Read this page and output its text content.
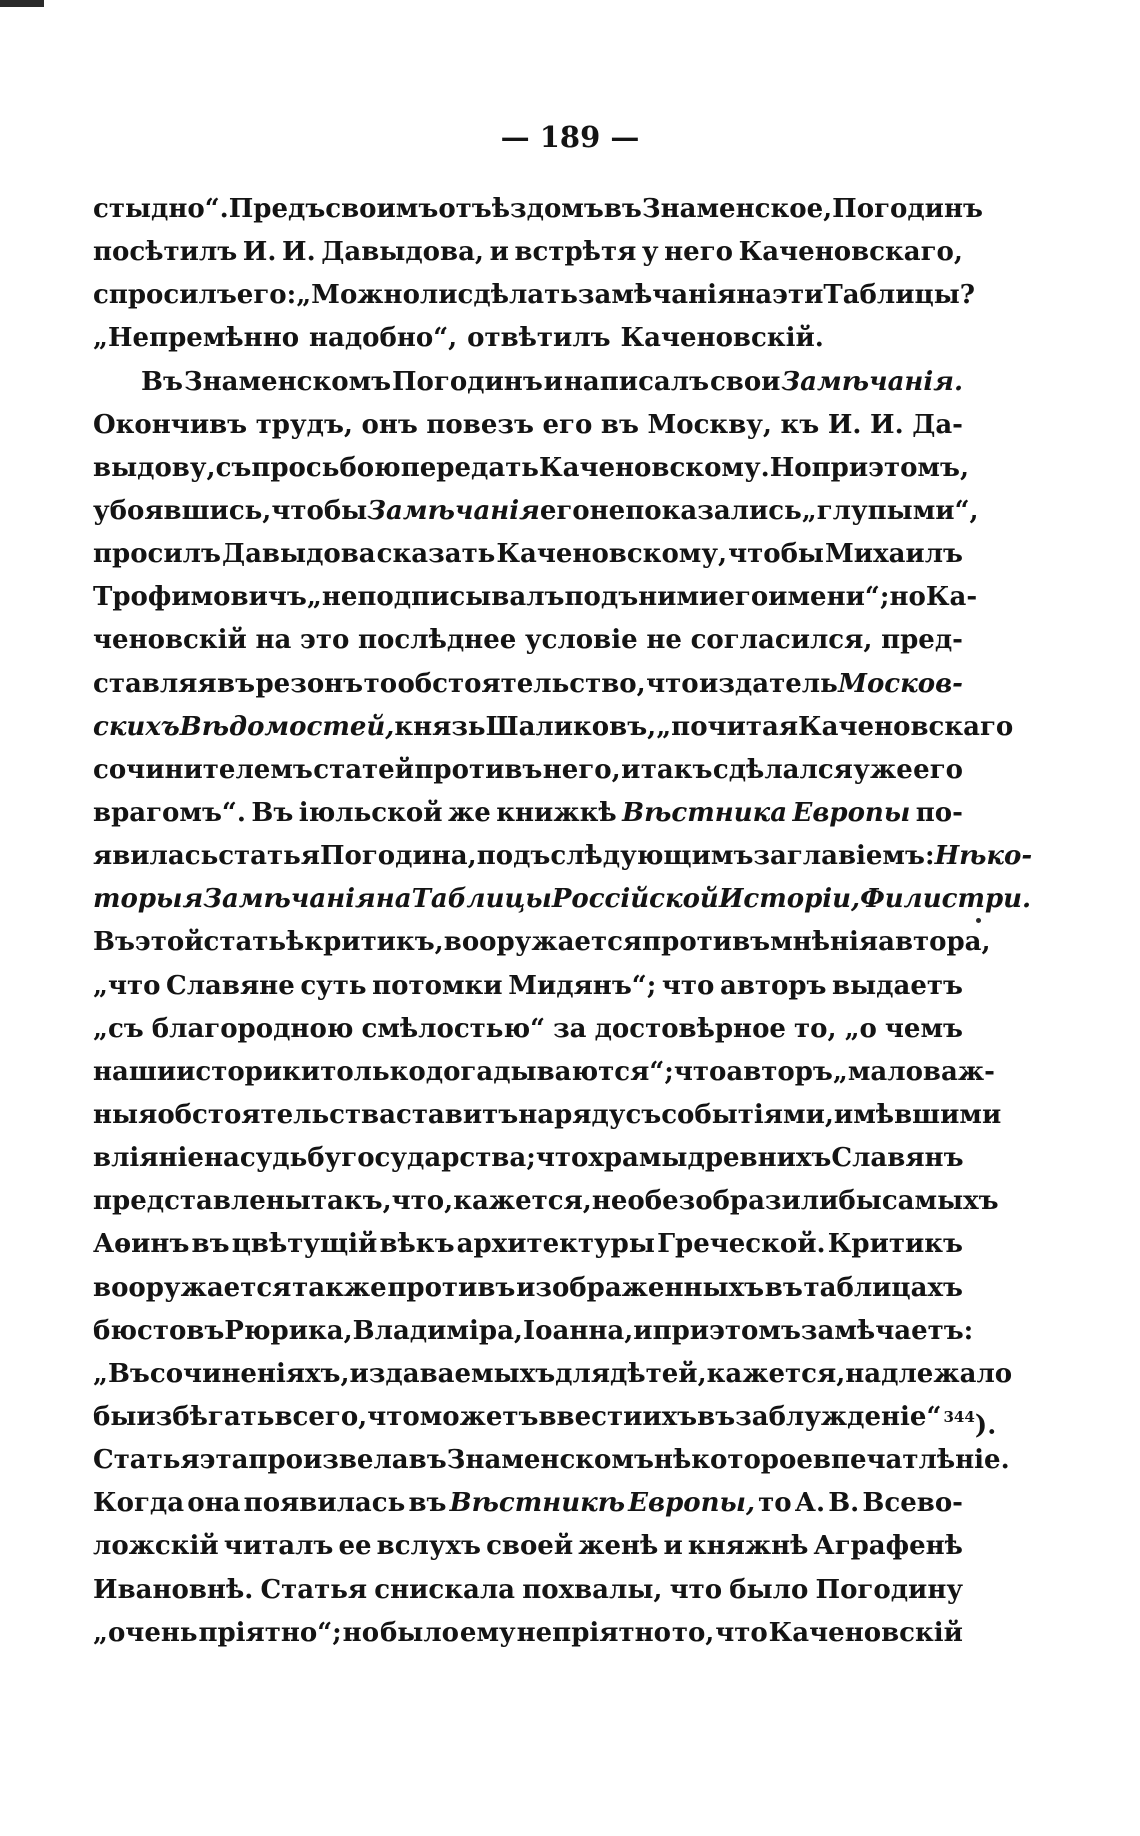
— 189 —
стыдно“. Предъ своимъ отъѣздомъ въ Знаменское, Погодинъ
посѣтилъ И. И. Давыдова, и встрѣтя у него Каченовскаго,
спросилъ его: „Можно ли сдѣлать замѣчанія на эти Таблицы?
„Непремѣнно надобно“, отвѣтилъ Каченовскій.
Въ Знаменскомъ Погодинъ и написалъ свои Замѣчанія.
Окончивъ трудъ, онъ повезъ его въ Москву, къ И. И. Да-
выдову, съ просьбою передать Каченовскому. Но при этомъ,
убоявшись, чтобы Замѣчанія его не показались „глупыми“,
просилъ Давыдова сказать Каченовскому, чтобы Михаилъ
Трофимовичъ „не подписывалъ подъ ними его имени“; но Ка-
ченовскій на это послѣднее условіе не согласился, пред-
ставляя въ резонъ то обстоятельство, что издатель Москов-
скихъ Вѣдомостей, князь Шаликовъ, „почитая Каченовскаго
сочинителемъ статей противъ него, и такъ сдѣлался уже его
врагомъ“. Въ іюльской же книжкѣ Вѣстника Европы по-
явилась статья Погодина, подъ слѣдующимъ заглавіемъ: Нѣко-
торыя Замѣчанія на Таблицы Россійской Исторіи, Филистри.
Въ этой статьѣ критикъ, вооружается противъ мнѣнія автора,
„что Славяне суть потомки Мидянъ“; что авторъ выдаетъ
„съ благородною смѣлостью“ за достовѣрное то, „о чемъ
наши историки только догадываются“; что авторъ „маловаж-
ныя обстоятельства ставитъ наряду съ событіями, имѣвшими
вліяніе на судьбу государства; что храмы древнихъ Славянъ
представлены такъ, что, кажется, не обезобразили бы самыхъ
Аѳинъ въ цвѣтущій вѣкъ архитектуры Греческой. Критикъ
вооружается также противъ изображенныхъ въ таблицахъ
бюстовъ Рюрика, Владиміра, Іоанна, и при этомъ замѣчаетъ:
„Въ сочиненіяхъ, издаваемыхъ для дѣтей, кажется, надлежало
бы избѣгать всего, что можетъ ввести ихъ въ заблужденіе“ $^{344}$).
Статья эта произвела въ Знаменскомъ нѣкоторое впечатлѣніе.
Когда она появилась въ Вѣстникѣ Европы, то А. В. Всево-
ложскій читалъ ее вслухъ своей женѣ и княжнѣ Аграфенѣ
Ивановнѣ. Статья снискала похвалы, что было Погодину
„очень пріятно“; но было ему непріятно то, что Каченовскій
